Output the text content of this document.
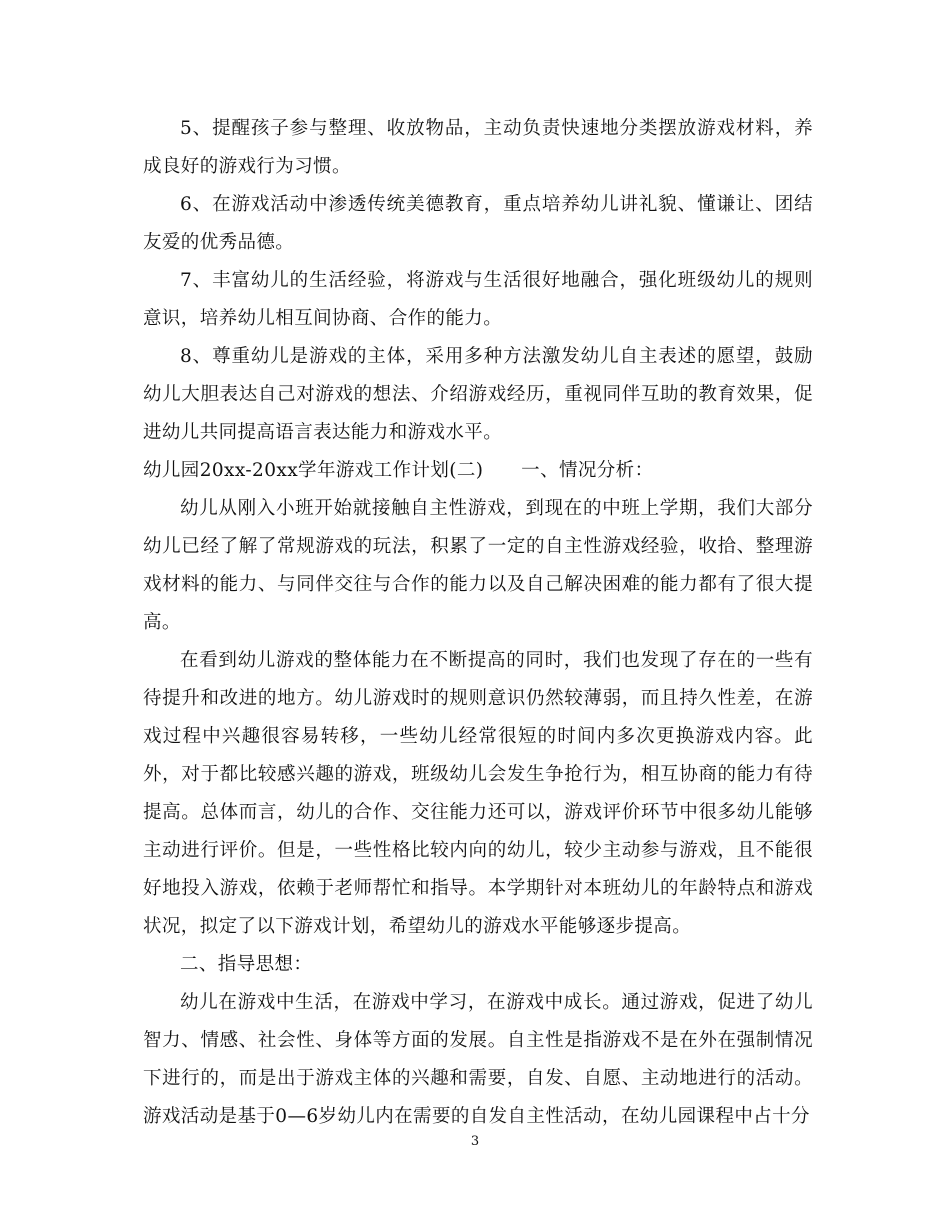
5、提醒孩子参与整理、收放物品，主动负责快速地分类摆放游戏材料，养成良好的游戏行为习惯。

6、在游戏活动中渗透传统美德教育，重点培养幼儿讲礼貌、懂谦让、团结友爱的优秀品德。

7、丰富幼儿的生活经验，将游戏与生活很好地融合，强化班级幼儿的规则意识，培养幼儿相互间协商、合作的能力。

8、尊重幼儿是游戏的主体，采用多种方法激发幼儿自主表述的愿望，鼓励幼儿大胆表达自己对游戏的想法、介绍游戏经历，重视同伴互助的教育效果，促进幼儿共同提高语言表达能力和游戏水平。

幼儿园20xx-20xx学年游戏工作计划(二)　　一、情况分析：

幼儿从刚入小班开始就接触自主性游戏，到现在的中班上学期，我们大部分幼儿已经了解了常规游戏的玩法，积累了一定的自主性游戏经验，收拾、整理游戏材料的能力、与同伴交往与合作的能力以及自己解决困难的能力都有了很大提高。

在看到幼儿游戏的整体能力在不断提高的同时，我们也发现了存在的一些有待提升和改进的地方。幼儿游戏时的规则意识仍然较薄弱，而且持久性差，在游戏过程中兴趣很容易转移，一些幼儿经常很短的时间内多次更换游戏内容。此外，对于都比较感兴趣的游戏，班级幼儿会发生争抢行为，相互协商的能力有待提高。总体而言，幼儿的合作、交往能力还可以，游戏评价环节中很多幼儿能够主动进行评价。但是，一些性格比较内向的幼儿，较少主动参与游戏，且不能很好地投入游戏，依赖于老师帮忙和指导。本学期针对本班幼儿的年龄特点和游戏状况，拟定了以下游戏计划，希望幼儿的游戏水平能够逐步提高。

二、指导思想：

幼儿在游戏中生活，在游戏中学习，在游戏中成长。通过游戏，促进了幼儿智力、情感、社会性、身体等方面的发展。自主性是指游戏不是在外在强制情况下进行的，而是出于游戏主体的兴趣和需要，自发、自愿、主动地进行的活动。游戏活动是基于0—6岁幼儿内在需要的自发自主性活动，在幼儿园课程中占十分

3
